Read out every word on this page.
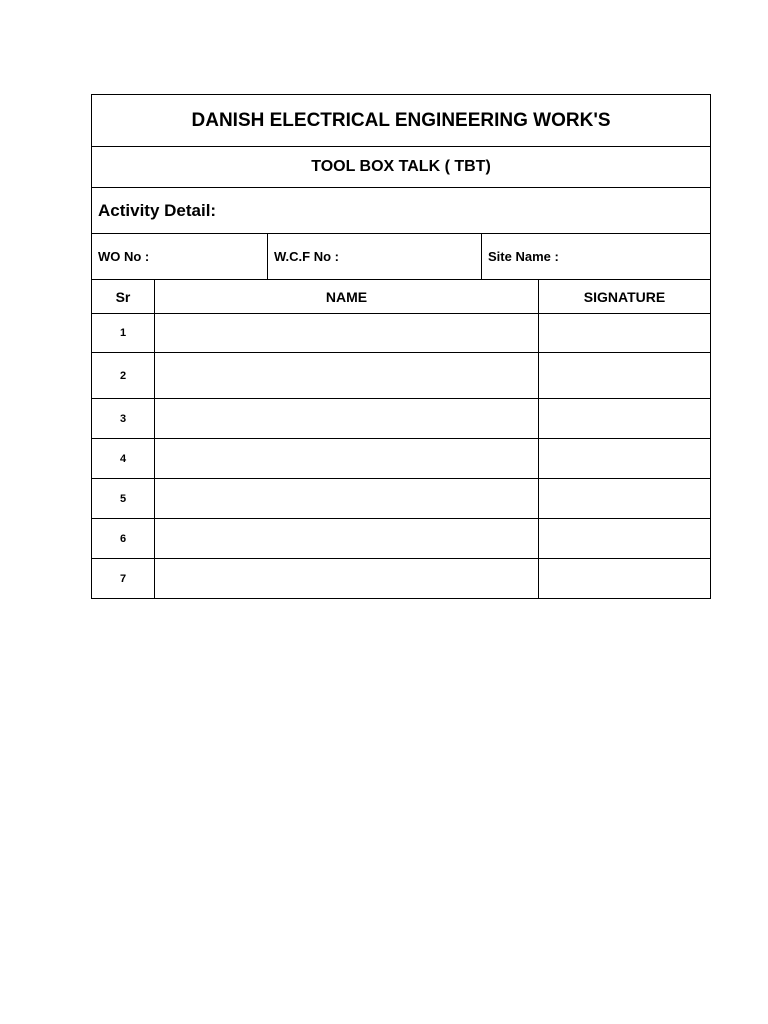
DANISH ELECTRICAL ENGINEERING WORK'S				
TOOL BOX TALK ( TBT)				
Activity Detail:				
WO No :		W.C.F No :	Site Name :	
Sr	NAME			SIGNATURE
1				
2				
3				
4				
5				
6				
7				
